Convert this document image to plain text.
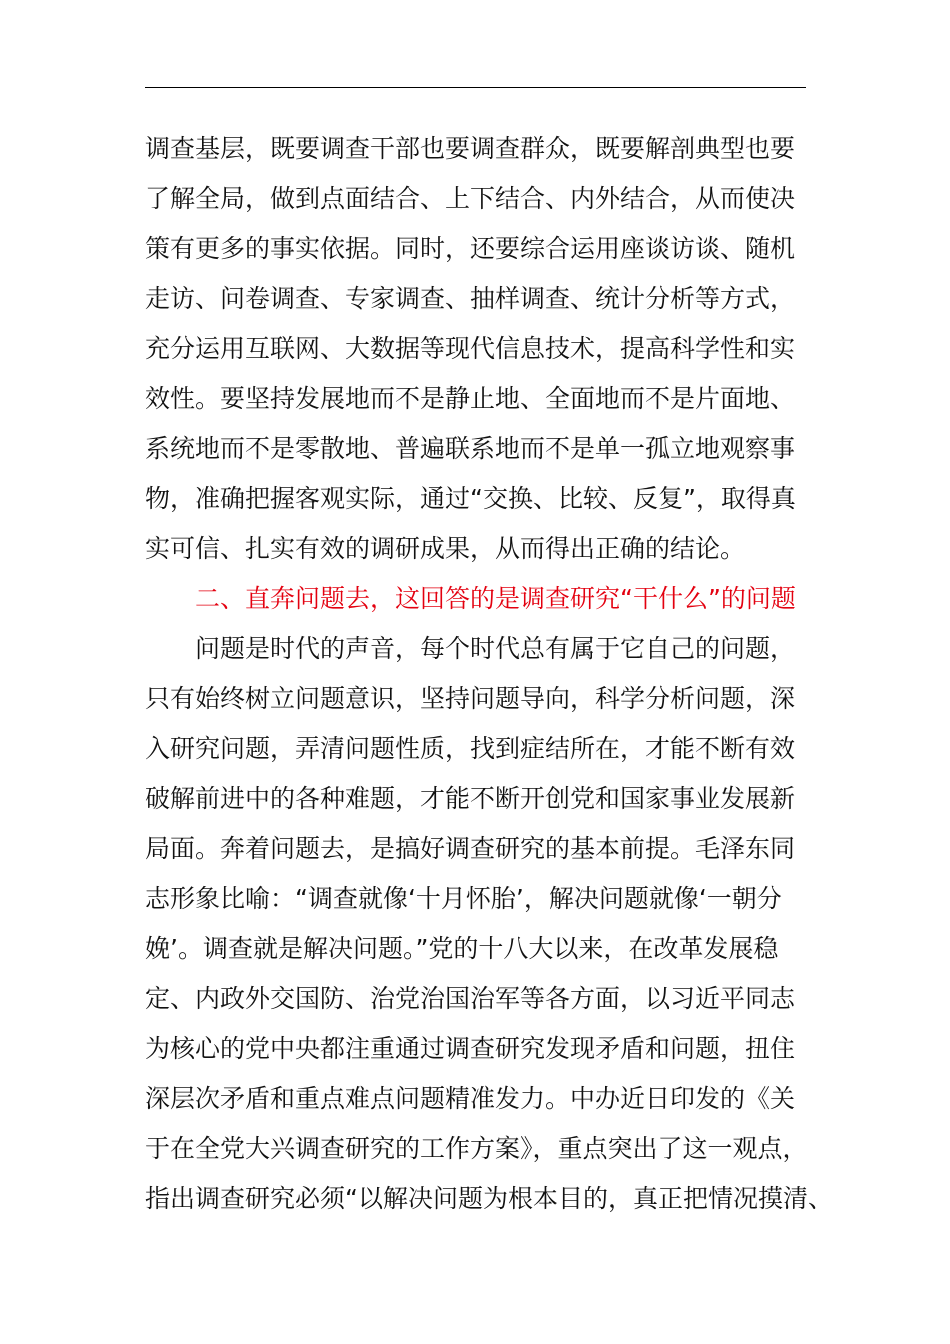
调查基层，既要调查干部也要调查群众，既要解剖典型也要
了解全局，做到点面结合、上下结合、内外结合，从而使决
策有更多的事实依据。同时，还要综合运用座谈访谈、随机
走访、问卷调查、专家调查、抽样调查、统计分析等方式，
充分运用互联网、大数据等现代信息技术，提高科学性和实
效性。要坚持发展地而不是静止地、全面地而不是片面地、
系统地而不是零散地、普遍联系地而不是单一孤立地观察事
物，准确把握客观实际，通过“交换、比较、反复”，取得真
实可信、扎实有效的调研成果，从而得出正确的结论。
二、直奔问题去，这回答的是调查研究“干什么”的问题
问题是时代的声音，每个时代总有属于它自己的问题，
只有始终树立问题意识，坚持问题导向，科学分析问题，深
入研究问题，弄清问题性质，找到症结所在，才能不断有效
破解前进中的各种难题，才能不断开创党和国家事业发展新
局面。奔着问题去，是搞好调查研究的基本前提。毛泽东同
志形象比喻：“调查就像‘十月怀胎’，解决问题就像‘一朝分
娩’。调查就是解决问题。”党的十八大以来，在改革发展稳
定、内政外交国防、治党治国治军等各方面，以习近平同志
为核心的党中央都注重通过调查研究发现矛盾和问题，扭住
深层次矛盾和重点难点问题精准发力。中办近日印发的《关
于在全党大兴调查研究的工作方案》，重点突出了这一观点，
指出调查研究必须“以解决问题为根本目的，真正把情况摸清、
